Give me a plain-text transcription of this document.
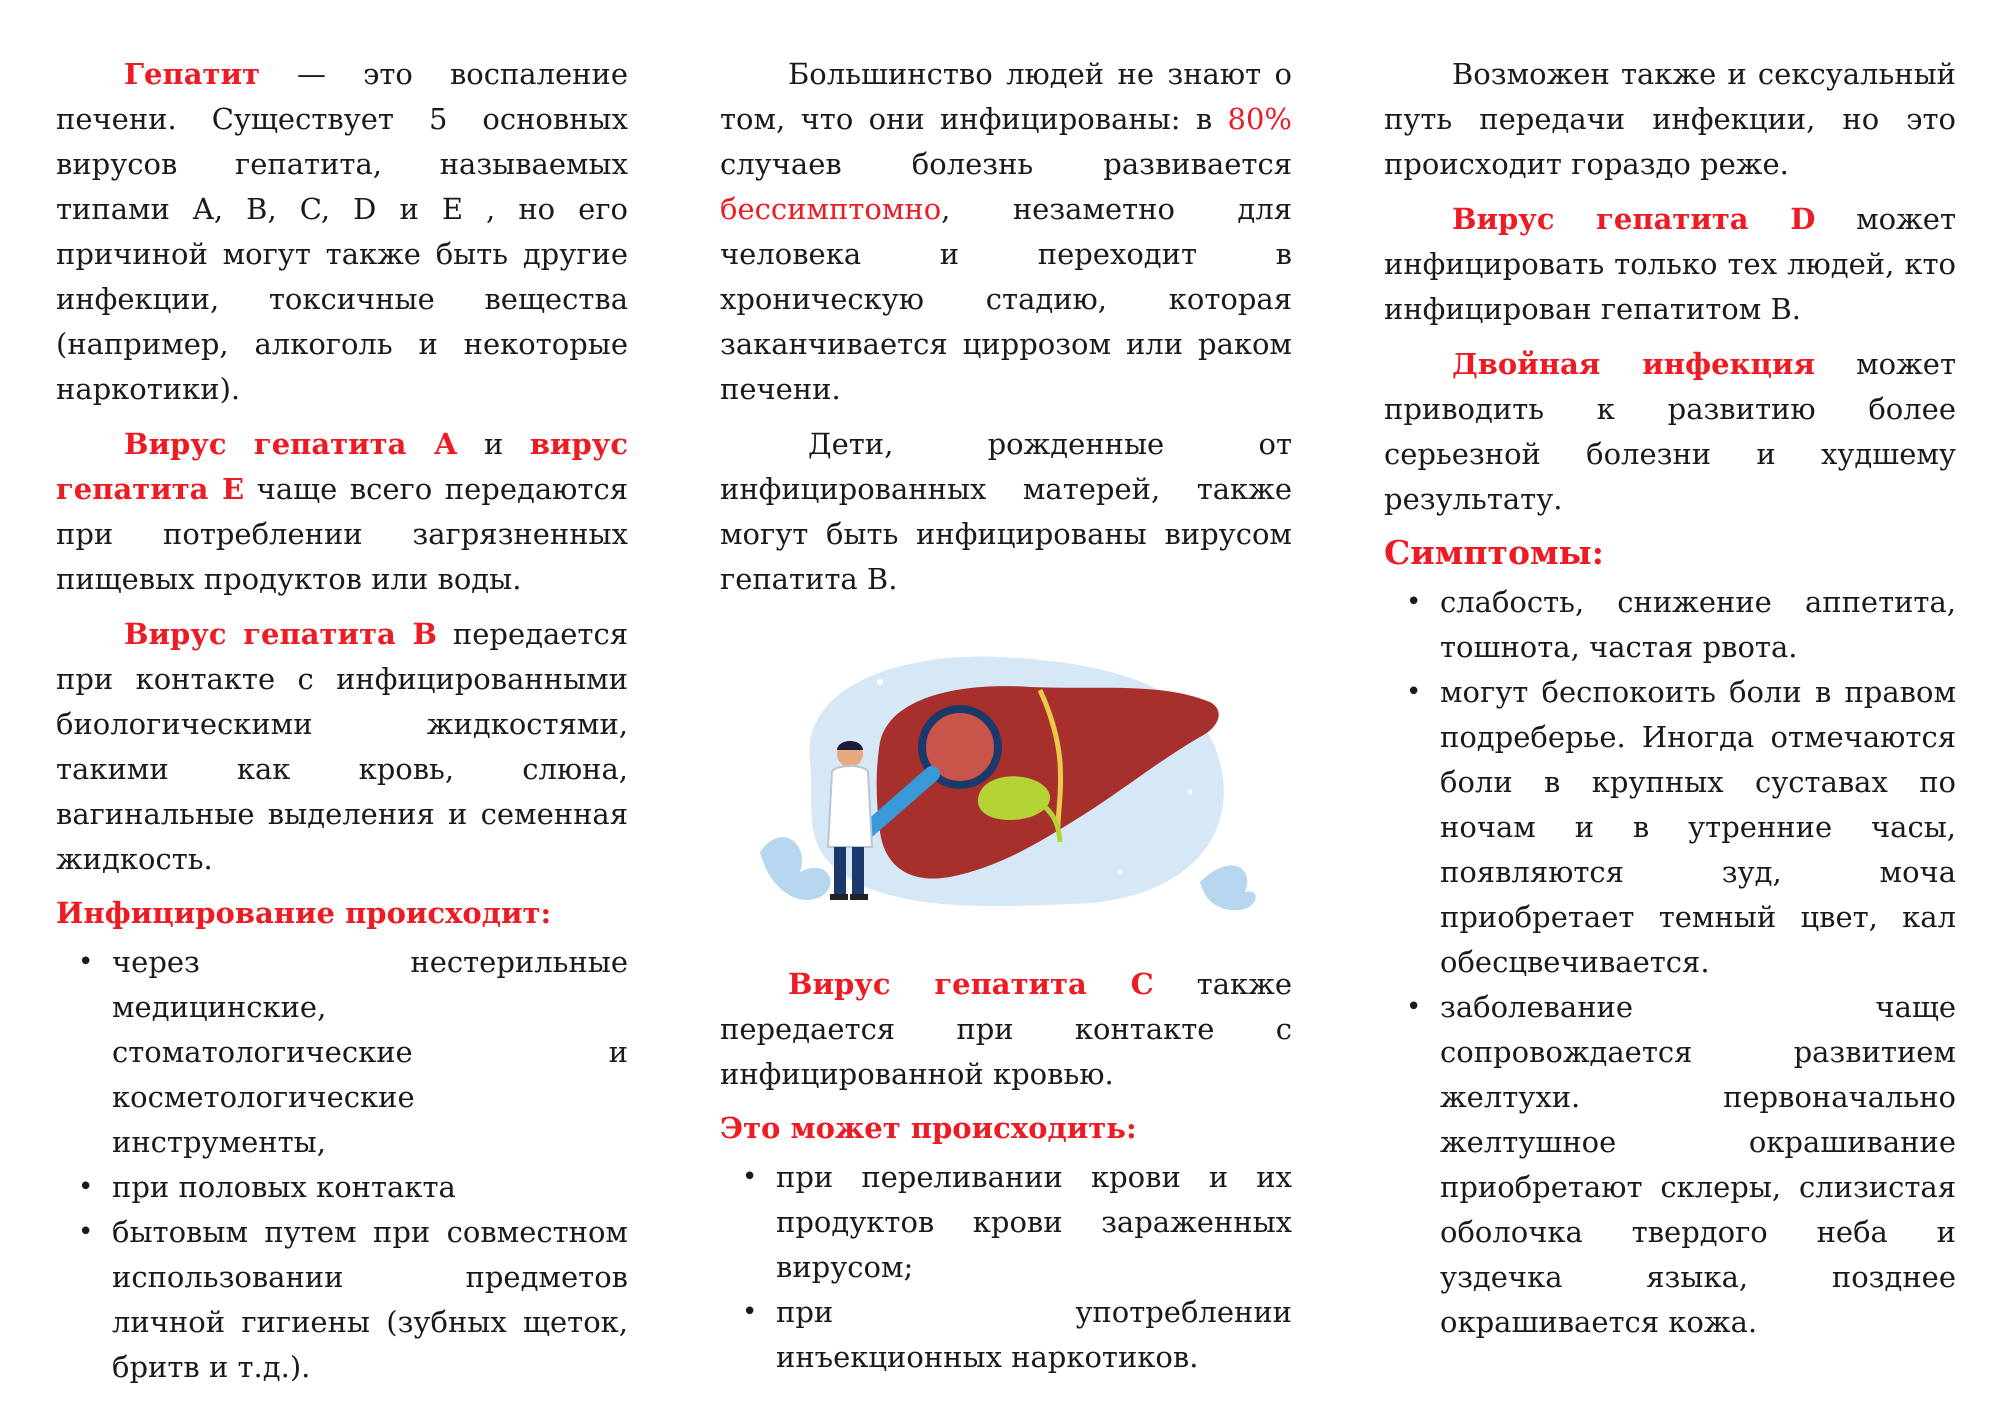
Гепатит — это воспаление печени. Существует 5 основных вирусов гепатита, называемых типами A, B, C, D и E , но его причиной могут также быть другие инфекции, токсичные вещества (например, алкоголь и некоторые наркотики).

Вирус гепатита А и вирус гепатита Е чаще всего передаются при потреблении загрязненных пищевых продуктов или воды.

Вирус гепатита В передается при контакте с инфицированными биологическими жидкостями, такими как кровь, слюна, вагинальные выделения и семенная жидкость.

Инфицирование происходит:
• через нестерильные медицинские, стоматологические и косметологические инструменты,
• при половых контакта
• бытовым путем при совместном использовании предметов личной гигиены (зубных щеток, бритв и т.д.).

Большинство людей не знают о том, что они инфицированы: в 80% случаев болезнь развивается бессимптомно, незаметно для человека и переходит в хроническую стадию, которая заканчивается циррозом или раком печени.

Дети, рожденные от инфицированных матерей, также могут быть инфицированы вирусом гепатита В.

Вирус гепатита С также передается при контакте с инфицированной кровью.

Это может происходить:
• при переливании крови и их продуктов крови зараженных вирусом;
• при употреблении инъекционных наркотиков.

Возможен также и сексуальный путь передачи инфекции, но это происходит гораздо реже.

Вирус гепатита D может инфицировать только тех людей, кто инфицирован гепатитом В.

Двойная инфекция может приводить к развитию более серьезной болезни и худшему результату.

Симптомы:
• слабость, снижение аппетита, тошнота, частая рвота.
• могут беспокоить боли в правом подреберье. Иногда отмечаются боли в крупных суставах по ночам и в утренние часы, появляются зуд, моча приобретает темный цвет, кал обесцвечивается.
• заболевание чаще сопровождается развитием желтухи. первоначально желтушное окрашивание приобретают склеры, слизистая оболочка твердого неба и уздечка языка, позднее окрашивается кожа.
